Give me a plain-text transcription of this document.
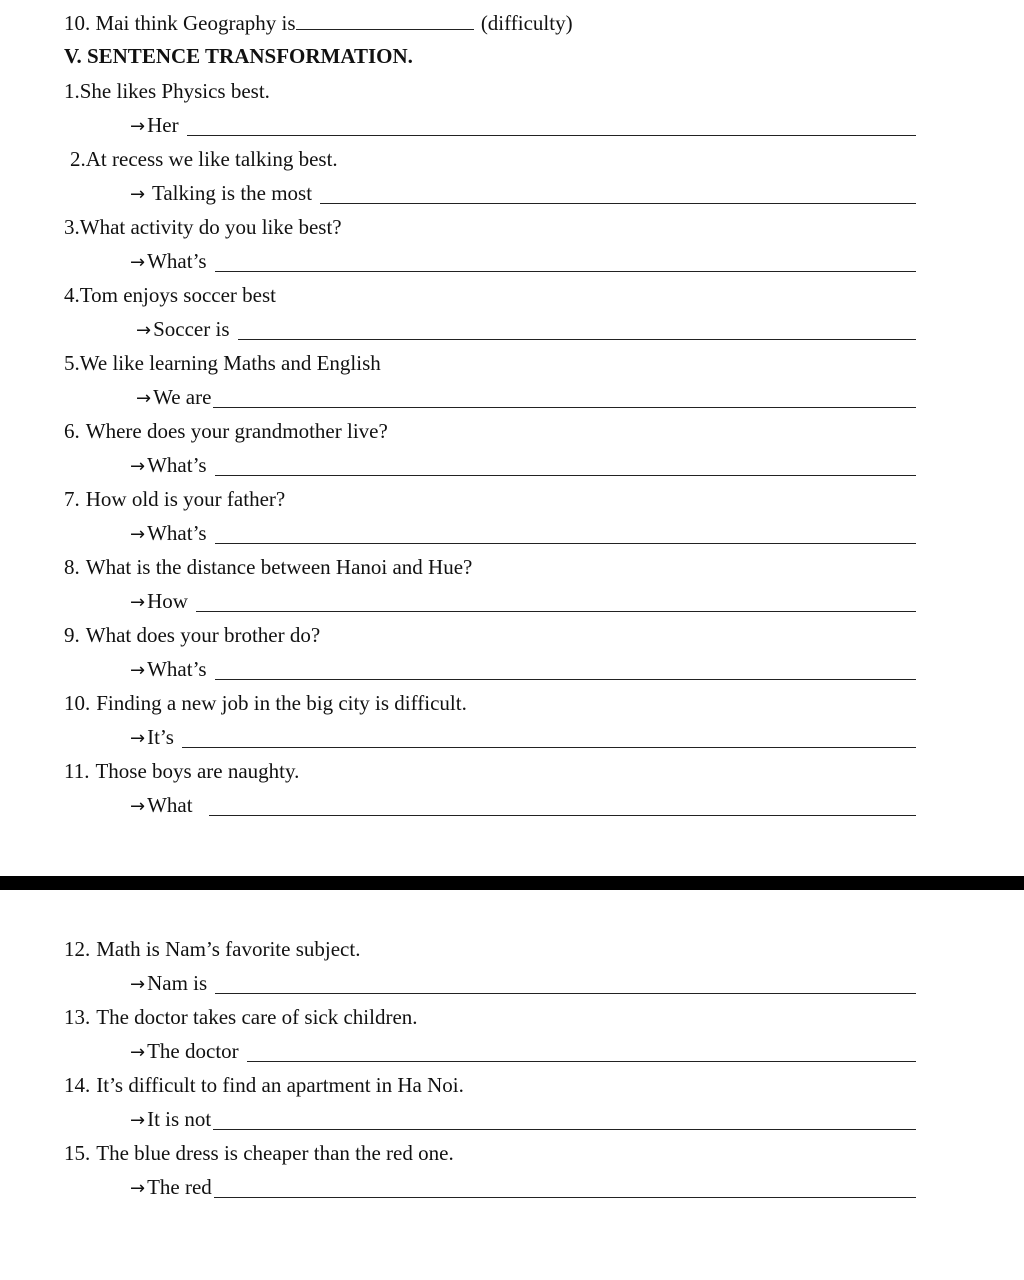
10. Mai think Geography is
	(difficulty)
V. SENTENCE TRANSFORMATION.
1. She likes Physics best.
→ Her
2. At recess we like talking best.
→ Talking is the most
3. What activity do you like best?
→ What’s
4. Tom enjoys soccer best
→ Soccer is
5. We like learning Maths and English
→ We are
6. Where does your grandmother live?
→ What’s
7. How old is your father?
→ What’s
8. What is the distance between Hanoi and Hue?
→ How
9. What does your brother do?
→ What’s
10. Finding a new job in the big city is difficult.
→ It’s
11. Those boys are naughty.
→ What
12. Math is Nam’s favorite subject.
→ Nam is
13. The doctor takes care of sick children.
→ The doctor
14. It’s difficult to find an apartment in Ha Noi.
→ It is not
15. The blue dress is cheaper than the red one.
→ The red
